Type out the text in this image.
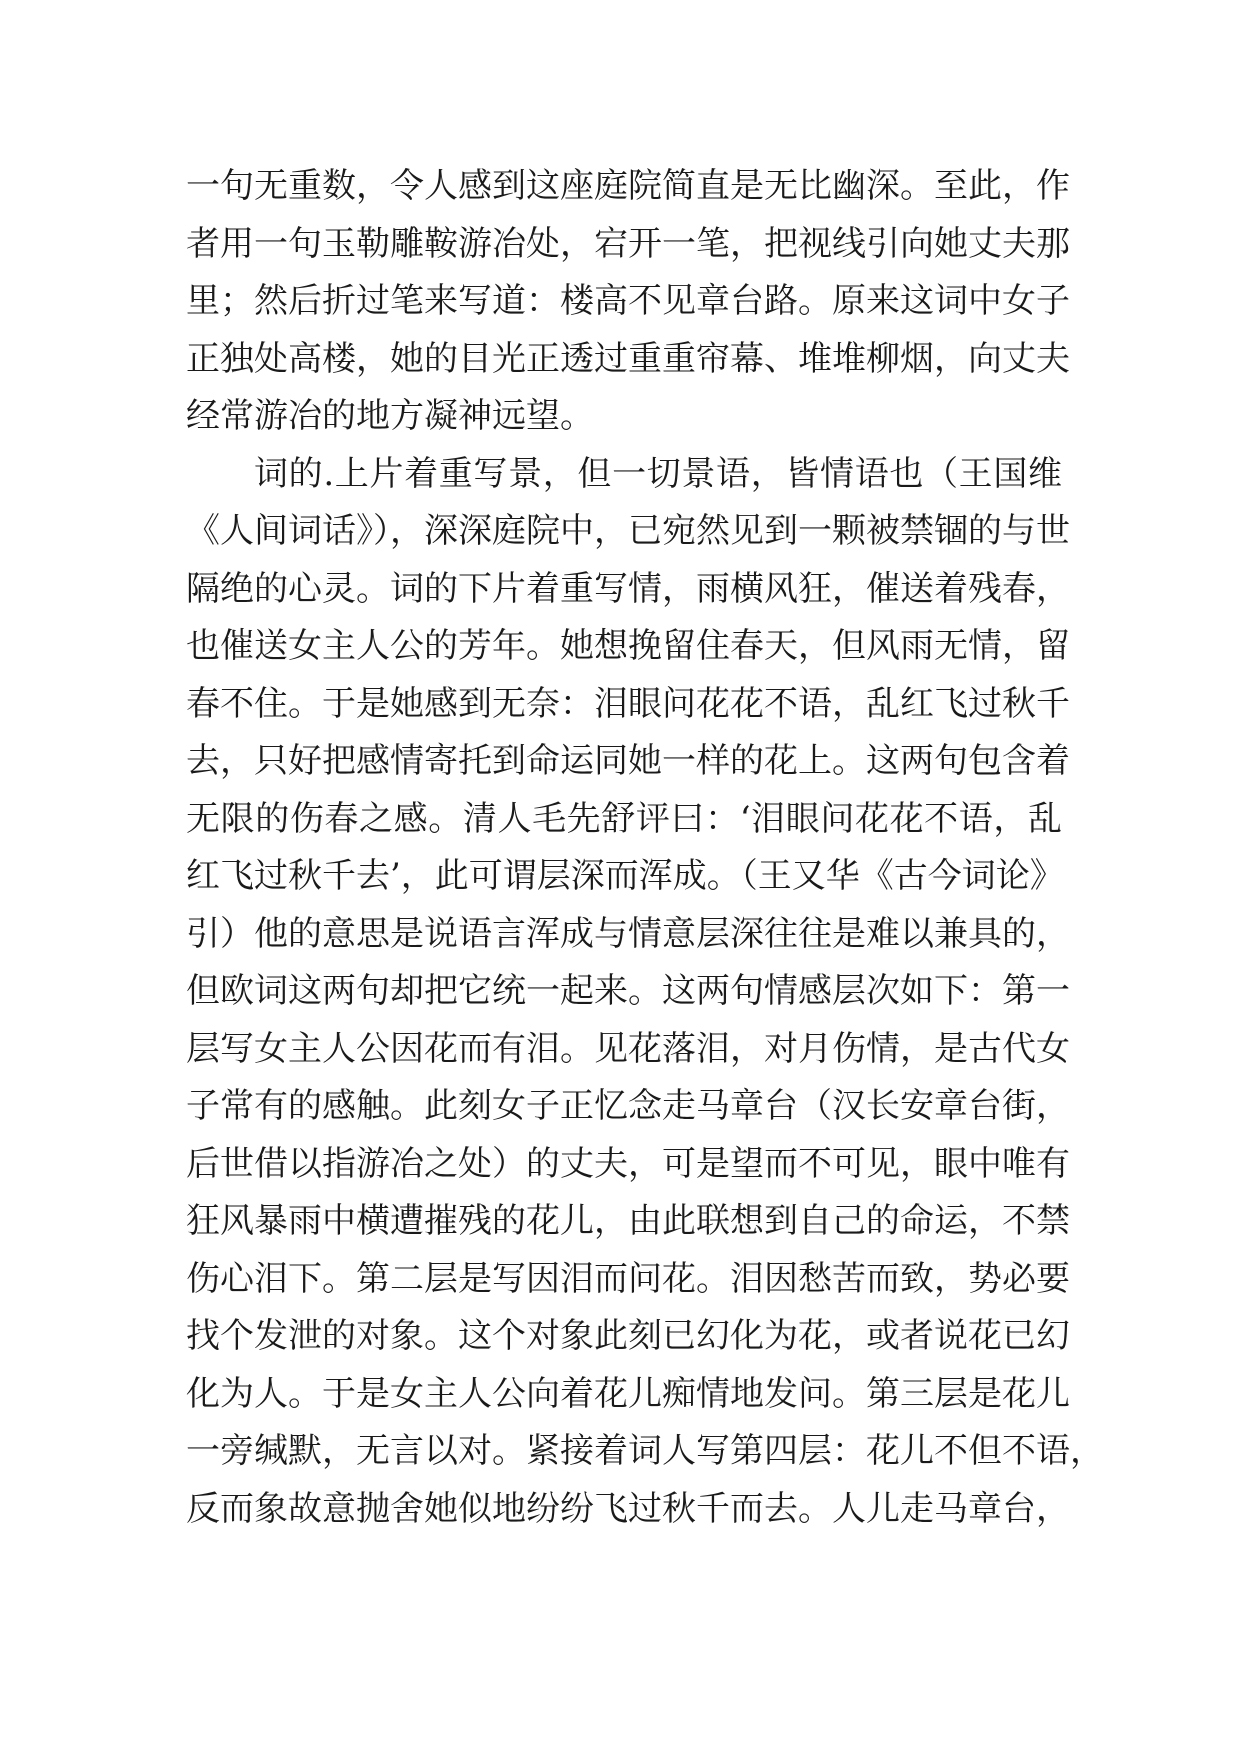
一句无重数，令人感到这座庭院简直是无比幽深。至此，作
者用一句玉勒雕鞍游冶处，宕开一笔，把视线引向她丈夫那
里；然后折过笔来写道：楼高不见章台路。原来这词中女子
正独处高楼，她的目光正透过重重帘幕、堆堆柳烟，向丈夫
经常游冶的地方凝神远望。
词的.上片着重写景，但一切景语，皆情语也（王国维
《人间词话》），深深庭院中，已宛然见到一颗被禁锢的与世
隔绝的心灵。词的下片着重写情，雨横风狂，催送着残春，
也催送女主人公的芳年。她想挽留住春天，但风雨无情，留
春不住。于是她感到无奈：泪眼问花花不语，乱红飞过秋千
去，只好把感情寄托到命运同她一样的花上。这两句包含着
无限的伤春之感。清人毛先舒评曰：‘泪眼问花花不语，乱
红飞过秋千去’，此可谓层深而浑成。（王又华《古今词论》
引）他的意思是说语言浑成与情意层深往往是难以兼具的，
但欧词这两句却把它统一起来。这两句情感层次如下：第一
层写女主人公因花而有泪。见花落泪，对月伤情，是古代女
子常有的感触。此刻女子正忆念走马章台（汉长安章台街，
后世借以指游冶之处）的丈夫，可是望而不可见，眼中唯有
狂风暴雨中横遭摧残的花儿，由此联想到自己的命运，不禁
伤心泪下。第二层是写因泪而问花。泪因愁苦而致，势必要
找个发泄的对象。这个对象此刻已幻化为花，或者说花已幻
化为人。于是女主人公向着花儿痴情地发问。第三层是花儿
一旁缄默，无言以对。紧接着词人写第四层：花儿不但不语，
反而象故意抛舍她似地纷纷飞过秋千而去。人儿走马章台，
